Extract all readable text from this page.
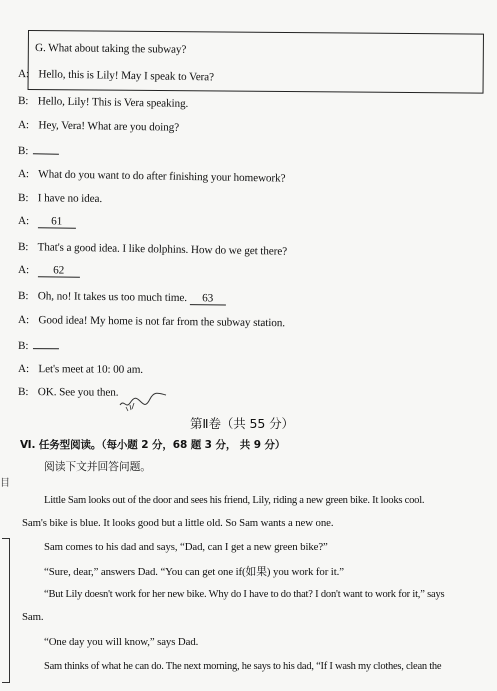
G. What about taking the subway?
A: Hello, this is Lily! May I speak to Vera?
B: Hello, Lily! This is Vera speaking.
A: Hey, Vera! What are you doing?
B:
A: What do you want to do after finishing your homework?
B: I have no idea.
A: 61
B: That's a good idea. I like dolphins. How do we get there?
A: 62
B: Oh, no! It takes us too much time. 63
A: Good idea! My home is not far from the subway station.
B:
A: Let's meet at 10: 00 am.
B: OK. See you then.
第Ⅱ卷（共 55 分）
Ⅵ. 任务型阅读。（每小题 2 分，68 题 3 分， 共 9 分）
阅读下文并回答问题。
目
Little Sam looks out of the door and sees his friend, Lily, riding a new green bike. It looks cool.
Sam's bike is blue. It looks good but a little old. So Sam wants a new one.
Sam comes to his dad and says, “Dad, can I get a new green bike?”
“Sure, dear,” answers Dad. “You can get one if(如果) you work for it.”
“But Lily doesn't work for her new bike. Why do I have to do that? I don't want to work for it,” says
Sam.
“One day you will know,” says Dad.
Sam thinks of what he can do. The next morning, he says to his dad, “If I wash my clothes, clean the
